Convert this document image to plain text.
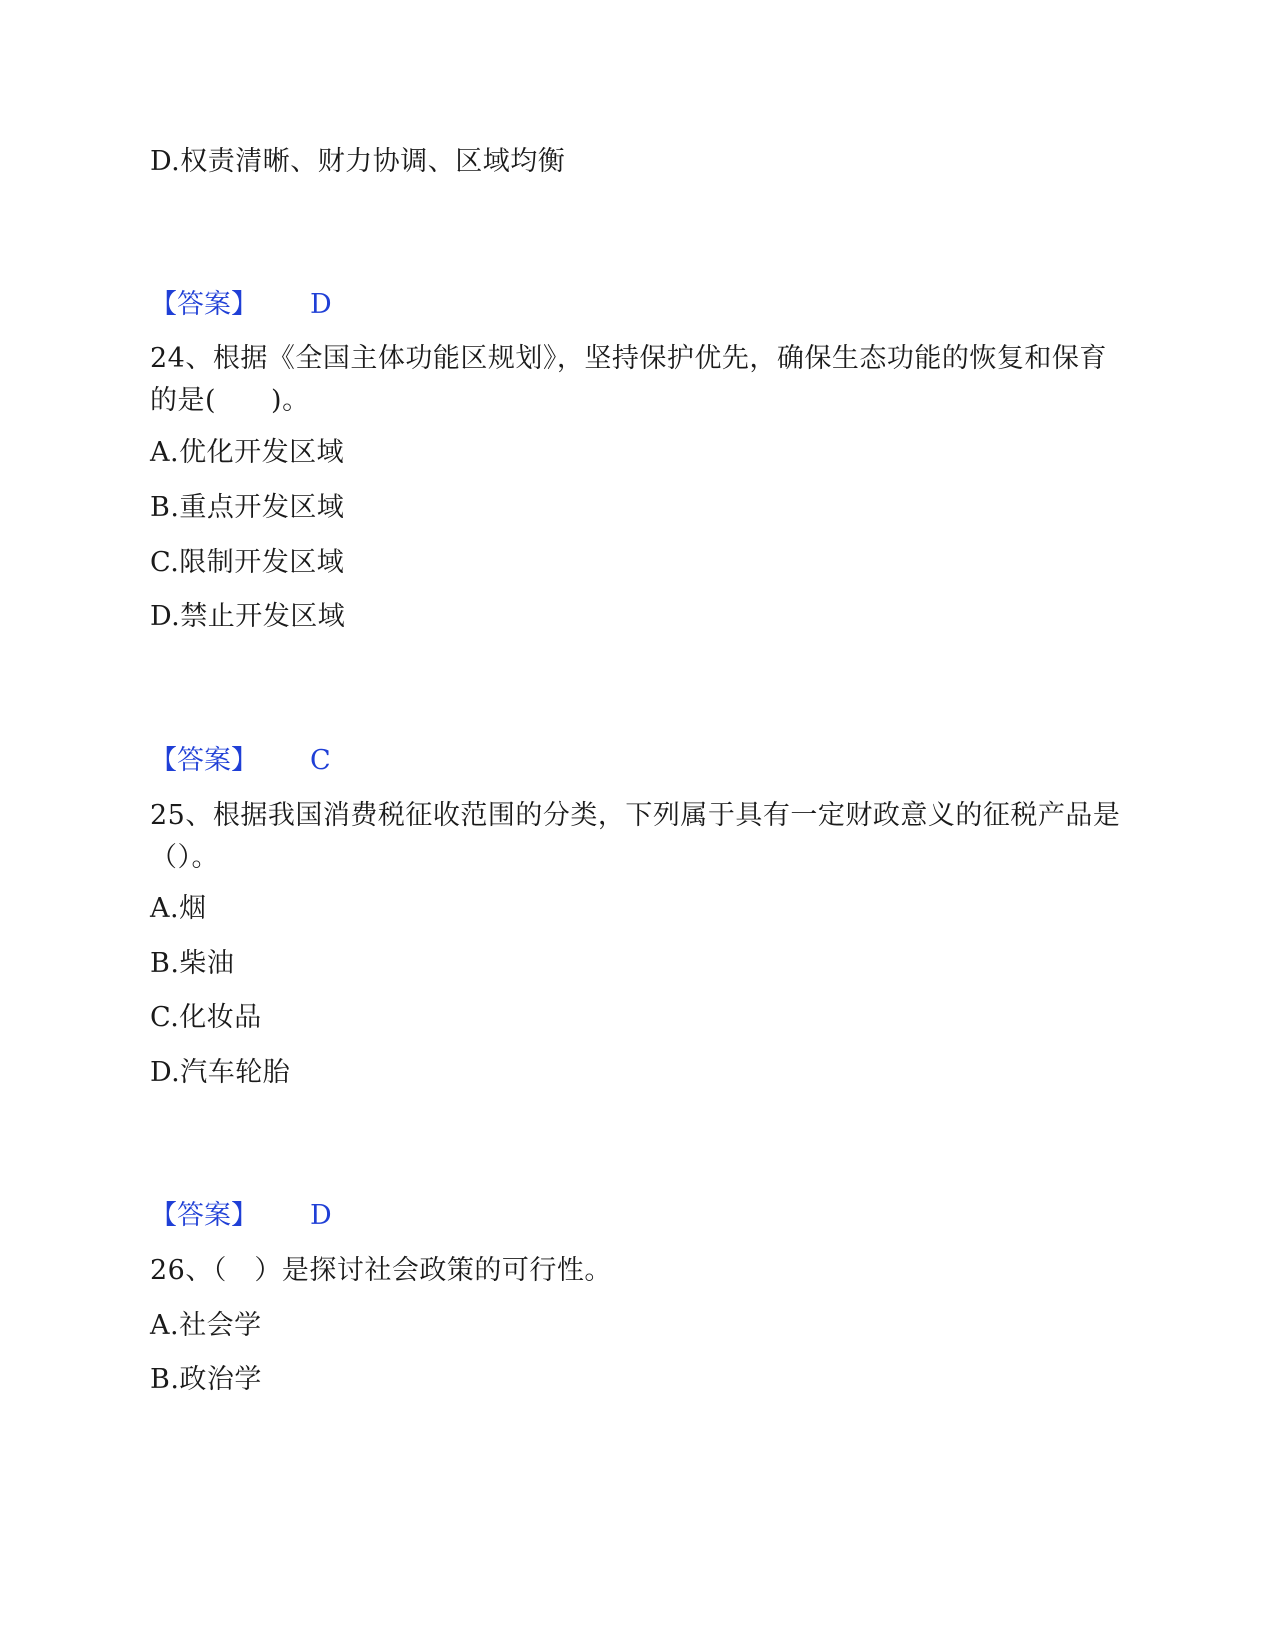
D.权责清晰、财力协调、区域均衡
【答案】 D
24、根据《全国主体功能区规划》，坚持保护优先，确保生态功能的恢复和保育的是(　　)。
A.优化开发区域
B.重点开发区域
C.限制开发区域
D.禁止开发区域
【答案】 C
25、根据我国消费税征收范围的分类，下列属于具有一定财政意义的征税产品是（）。
A.烟
B.柴油
C.化妆品
D.汽车轮胎
【答案】 D
26、（　）是探讨社会政策的可行性。
A.社会学
B.政治学
